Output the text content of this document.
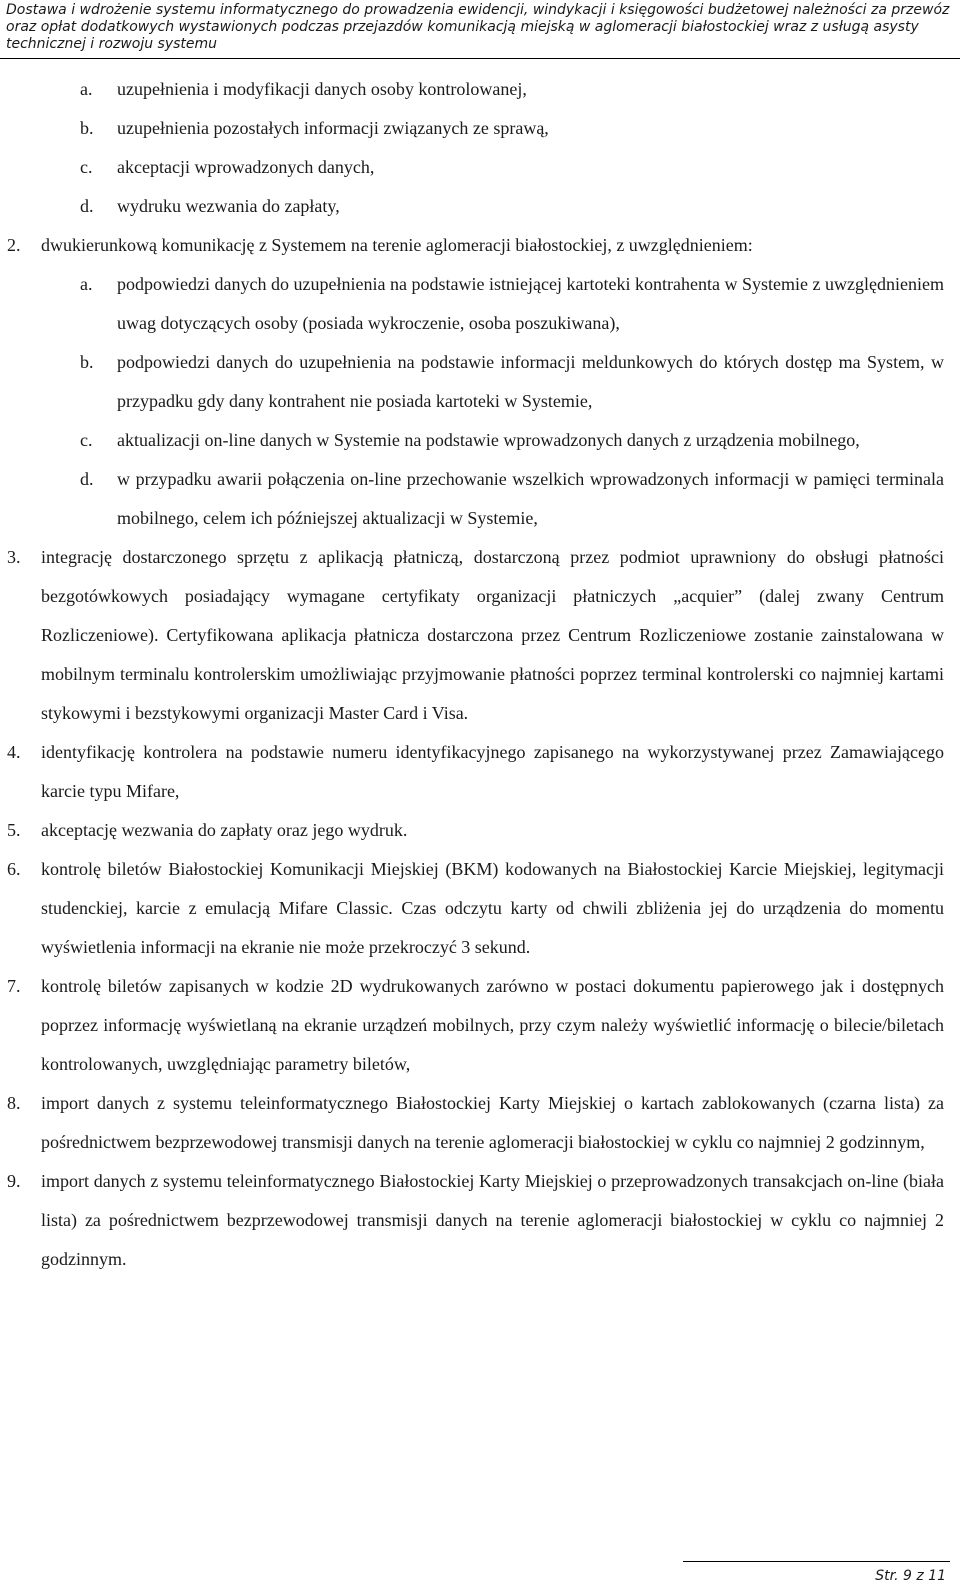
Dostawa i wdrożenie systemu informatycznego do prowadzenia ewidencji, windykacji i księgowości budżetowej należności za przewóz oraz opłat dodatkowych wystawionych podczas przejazdów komunikacją miejską w aglomeracji białostockiej wraz z usługą asysty technicznej i rozwoju systemu
a. uzupełnienia i modyfikacji danych osoby kontrolowanej,
b. uzupełnienia pozostałych informacji związanych ze sprawą,
c. akceptacji wprowadzonych danych,
d. wydruku wezwania do zapłaty,
2. dwukierunkową komunikację z Systemem na terenie aglomeracji białostockiej, z uwzględnieniem:
a. podpowiedzi danych do uzupełnienia na podstawie istniejącej kartoteki kontrahenta w Systemie z uwzględnieniem uwag dotyczących osoby (posiada wykroczenie, osoba poszukiwana),
b. podpowiedzi danych do uzupełnienia na podstawie informacji meldunkowych do których dostęp ma System, w przypadku gdy dany kontrahent nie posiada kartoteki w Systemie,
c. aktualizacji on-line danych w Systemie na podstawie wprowadzonych danych z urządzenia mobilnego,
d. w przypadku awarii połączenia on-line przechowanie wszelkich wprowadzonych informacji w pamięci terminala mobilnego, celem ich późniejszej aktualizacji w Systemie,
3. integrację dostarczonego sprzętu z aplikacją płatniczą, dostarczoną przez podmiot uprawniony do obsługi płatności bezgotówkowych posiadający wymagane certyfikaty organizacji płatniczych „acquier” (dalej zwany Centrum Rozliczeniowe). Certyfikowana aplikacja płatnicza dostarczona przez Centrum Rozliczeniowe zostanie zainstalowana w mobilnym terminalu kontrolerskim umożliwiając przyjmowanie płatności poprzez terminal kontrolerski co najmniej kartami stykowymi i bezstykowymi organizacji Master Card i Visa.
4. identyfikację kontrolera na podstawie numeru identyfikacyjnego zapisanego na wykorzystywanej przez Zamawiającego karcie typu Mifare,
5. akceptację wezwania do zapłaty oraz jego wydruk.
6. kontrolę biletów Białostockiej Komunikacji Miejskiej (BKM) kodowanych na Białostockiej Karcie Miejskiej, legitymacji studenckiej, karcie z emulacją Mifare Classic. Czas odczytu karty od chwili zbliżenia jej do urządzenia do momentu wyświetlenia informacji na ekranie nie może przekroczyć 3 sekund.
7. kontrolę biletów zapisanych w kodzie 2D wydrukowanych zarówno w postaci dokumentu papierowego jak i dostępnych poprzez informację wyświetlaną na ekranie urządzeń mobilnych, przy czym należy wyświetlić informację o bilecie/biletach kontrolowanych, uwzględniając parametry biletów,
8. import danych z systemu teleinformatycznego Białostockiej Karty Miejskiej o kartach zablokowanych (czarna lista) za pośrednictwem bezprzewodowej transmisji danych na terenie aglomeracji białostockiej w cyklu co najmniej 2 godzinnym,
9. import danych z systemu teleinformatycznego Białostockiej Karty Miejskiej o przeprowadzonych transakcjach on-line (biała lista) za pośrednictwem bezprzewodowej transmisji danych na terenie aglomeracji białostockiej w cyklu co najmniej 2 godzinnym.
Str. 9 z 11
